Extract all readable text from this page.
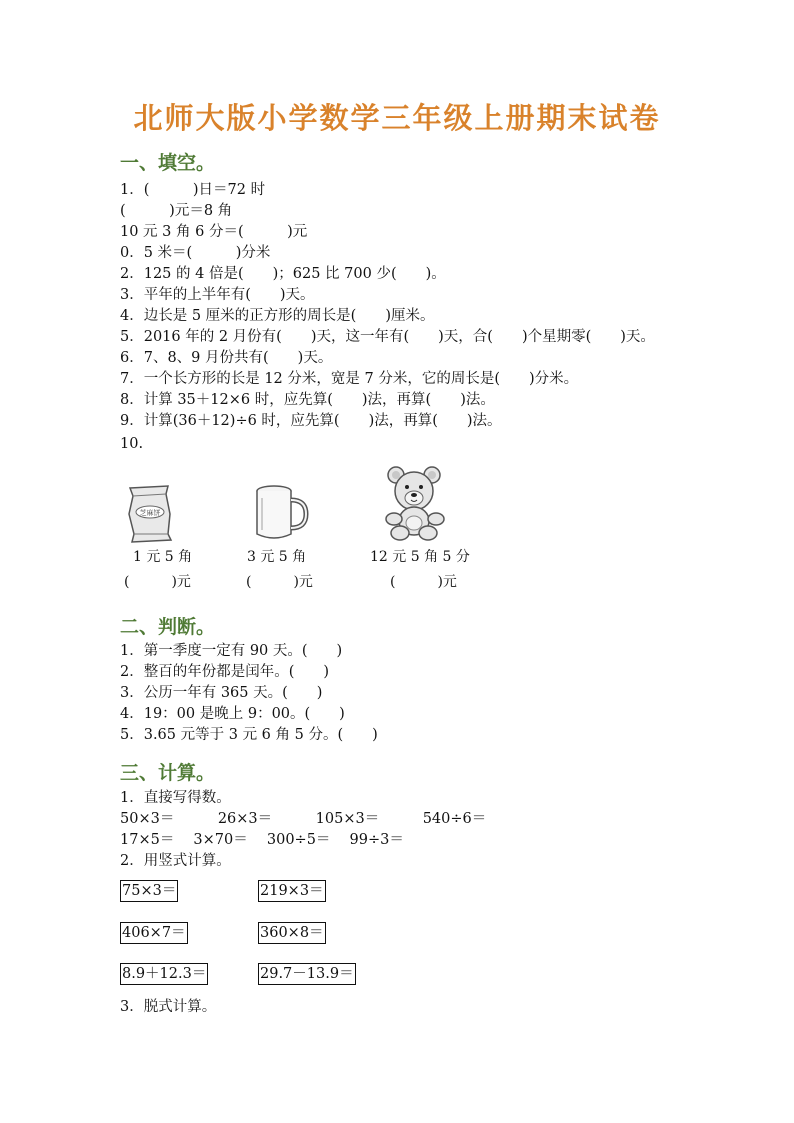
北师大版小学数学三年级上册期末试卷
一、填空。
1．(　　　)日＝72 时
(　　　)元＝8 角
10 元 3 角 6 分＝(　　　)元
0．5 米＝(　　　)分米
2．125 的 4 倍是(　　)；625 比 700 少(　　)。
3．平年的上半年有(　　)天。
4．边长是 5 厘米的正方形的周长是(　　)厘米。
5．2016 年的 2 月份有(　　)天，这一年有(　　)天，合(　　)个星期零(　　)天。
6．7、8、9 月份共有(　　)天。
7．一个长方形的长是 12 分米，宽是 7 分米，它的周长是(　　)分米。
8．计算 35＋12×6 时，应先算(　　)法，再算(　　)法。
9．计算(36＋12)÷6 时，应先算(　　)法，再算(　　)法。
10.
芝麻饼
1 元 5 角
(　　　)元
3 元 5 角
(　　　)元
12 元 5 角 5 分
(　　　)元
二、判断。
1．第一季度一定有 90 天。(　　)
2．整百的年份都是闰年。(　　)
3．公历一年有 365 天。(　　)
4．19：00 是晚上 9：00。(　　)
5．3.65 元等于 3 元 6 角 5 分。(　　)
三、计算。
1．直接写得数。
50×3＝　　　26×3＝　　　105×3＝　　　540÷6＝
17×5＝　 3×70＝　 300÷5＝　 99÷3＝
2．用竖式计算。
75×3＝	219×3＝
406×7＝	360×8＝
8.9＋12.3＝	29.7－13.9＝
3．脱式计算。
